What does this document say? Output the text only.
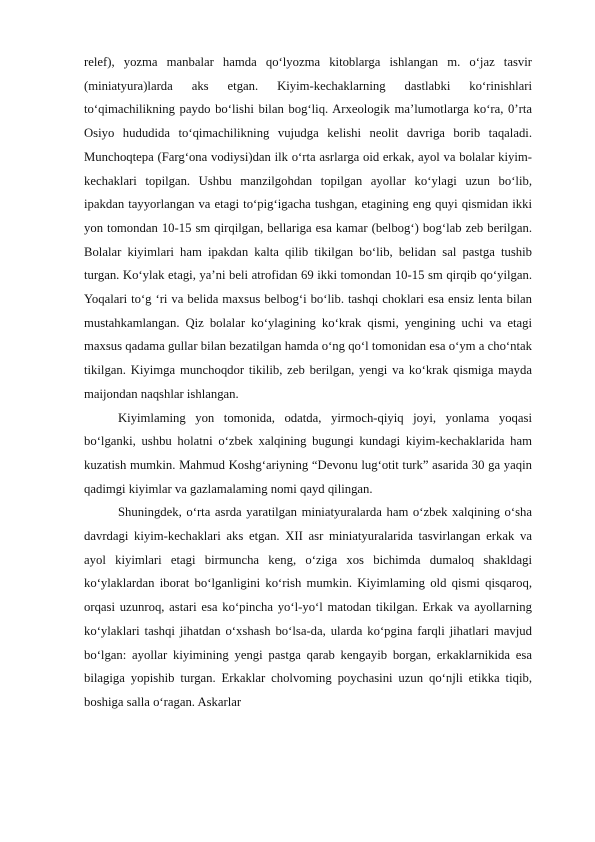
relef), yozma manbalar hamda qo‘lyozma kitoblarga ishlangan m. o‘jaz tasvir (miniatyura)larda aks etgan. Kiyim-kechaklarning dastlabki ko‘rinishlari to‘qimachilikning paydo bo‘lishi bilan bog‘liq. Arxeologik ma’lumotlarga ko‘ra, 0’rta Osiyo hududida to‘qimachilikning vujudga kelishi neolit davriga borib taqaladi. Munchoqtepa (Farg‘ona vodiysi)dan ilk o‘rta asrlarga oid erkak, ayol va bolalar kiyim-kechaklari topilgan. Ushbu manzilgohdan topilgan ayollar ko‘ylagi uzun bo‘lib, ipakdan tayyorlangan va etagi to‘pig‘igacha tushgan, etagining eng quyi qismidan ikki yon tomondan 10-15 sm qirqilgan, bellariga esa kamar (belbog‘) bog‘lab zeb berilgan. Bolalar kiyimlari ham ipakdan kalta qilib tikilgan bo‘lib, belidan sal pastga tushib turgan. Ko‘ylak etagi, ya’ni beli atrofidan 69 ikki tomondan 10-15 sm qirqib qo‘yilgan. Yoqalari to‘g ‘ri va belida maxsus belbog‘i bo‘lib. tashqi choklari esa ensiz lenta bilan mustahkamlangan. Qiz bolalar ko‘ylagining ko‘krak qismi, yengining uchi va etagi maxsus qadama gullar bilan bezatilgan hamda o‘ng qo‘l tomonidan esa o‘ym a cho‘ntak tikilgan. Kiyimga munchoqdor tikilib, zeb berilgan, yengi va ko‘krak qismiga mayda maijondan naqshlar ishlangan.

Kiyimlaming yon tomonida, odatda, yirmoch-qiyiq joyi, yonlama yoqasi bo‘lganki, ushbu holatni o‘zbek xalqining bugungi kundagi kiyim-kechaklarida ham kuzatish mumkin. Mahmud Koshg‘ariyning “Devonu lug‘otit turk” asarida 30 ga yaqin qadimgi kiyimlar va gazlamalaming nomi qayd qilingan.

Shuningdek, o‘rta asrda yaratilgan miniatyuralarda ham o‘zbek xalqining o‘sha davrdagi kiyim-kechaklari aks etgan. XII asr miniatyuralarida tasvirlangan erkak va ayol kiyimlari etagi birmuncha keng, o‘ziga xos bichimda dumaloq shakldagi ko‘ylaklardan iborat bo‘lganligini ko‘rish mumkin. Kiyimlaming old qismi qisqaroq, orqasi uzunroq, astari esa ko‘pincha yo‘l-yo‘l matodan tikilgan. Erkak va ayollarning ko‘ylaklari tashqi jihatdan o‘xshash bo‘lsa-da, ularda ko‘pgina farqli jihatlari mavjud bo‘lgan: ayollar kiyimining yengi pastga qarab kengayib borgan, erkaklarnikida esa bilagiga yopishib turgan. Erkaklar cholvoming poychasini uzun qo‘njli etikka tiqib, boshiga salla o‘ragan. Askarlar
